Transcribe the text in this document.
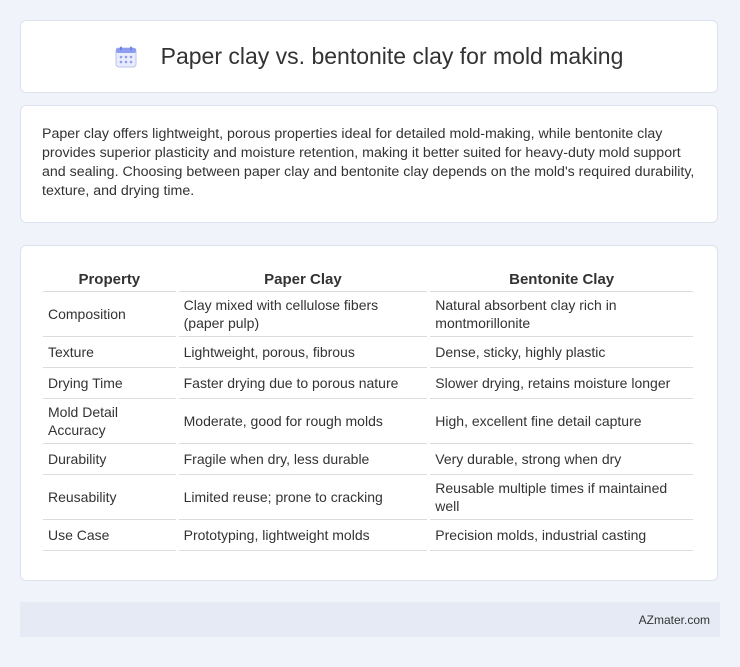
Paper clay vs. bentonite clay for mold making

Paper clay offers lightweight, porous properties ideal for detailed mold-making, while bentonite clay provides superior plasticity and moisture retention, making it better suited for heavy-duty mold support and sealing. Choosing between paper clay and bentonite clay depends on the mold's required durability, texture, and drying time.

Property	Paper Clay	Bentonite Clay
Composition	Clay mixed with cellulose fibers (paper pulp)	Natural absorbent clay rich in montmorillonite
Texture	Lightweight, porous, fibrous	Dense, sticky, highly plastic
Drying Time	Faster drying due to porous nature	Slower drying, retains moisture longer
Mold Detail Accuracy	Moderate, good for rough molds	High, excellent fine detail capture
Durability	Fragile when dry, less durable	Very durable, strong when dry
Reusability	Limited reuse; prone to cracking	Reusable multiple times if maintained well
Use Case	Prototyping, lightweight molds	Precision molds, industrial casting
AZmater.com
